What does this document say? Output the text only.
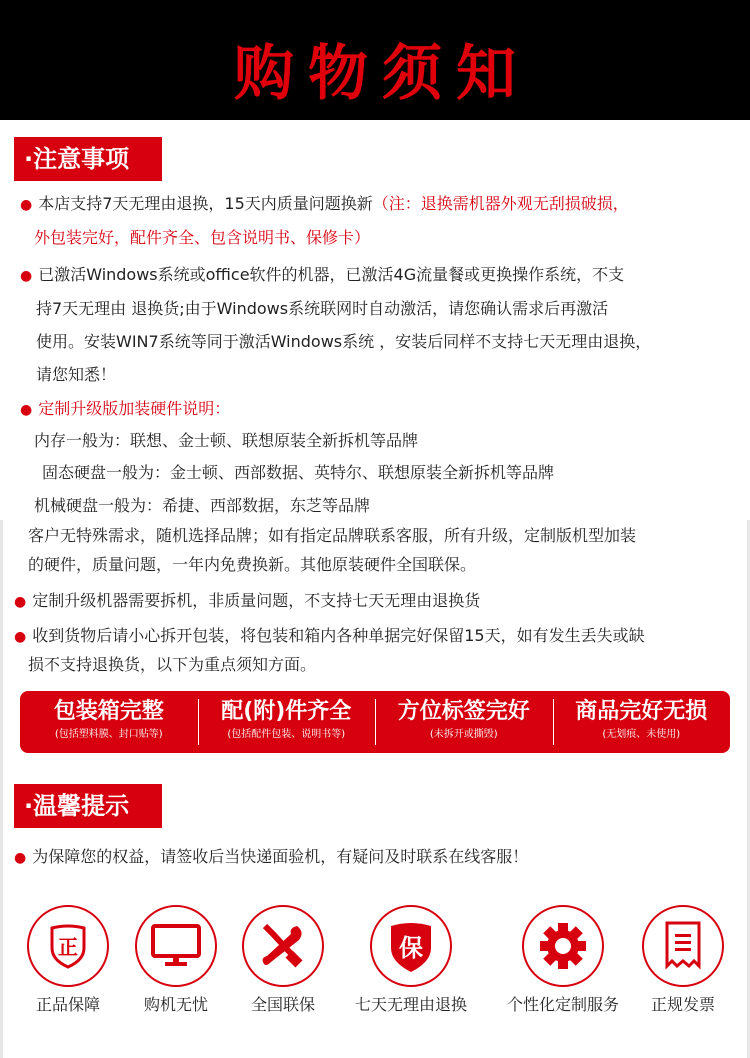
购物须知
·注意事项
● 本店支持7天无理由退换，15天内质量问题换新（注：退换需机器外观无刮损破损，
外包装完好，配件齐全、包含说明书、保修卡）
● 已激活Windows系统或office软件的机器，已激活4G流量餐或更换操作系统，不支
持7天无理由 退换货;由于Windows系统联网时自动激活，请您确认需求后再激活
使用。安装WIN7系统等同于激活Windows系统 ，安装后同样不支持七天无理由退换，
请您知悉！
● 定制升级版加装硬件说明：
内存一般为：联想、金士顿、联想原装全新拆机等品牌
固态硬盘一般为：金士顿、西部数据、英特尔、联想原装全新拆机等品牌
机械硬盘一般为：希捷、西部数据，东芝等品牌
客户无特殊需求，随机选择品牌；如有指定品牌联系客服，所有升级，定制版机型加装
的硬件，质量问题，一年内免费换新。其他原装硬件全国联保。
● 定制升级机器需要拆机，非质量问题，不支持七天无理由退换货
● 收到货物后请小心拆开包装，将包装和箱内各种单据完好保留15天，如有发生丢失或缺
损不支持退换货，以下为重点须知方面。
包装箱完整
(包括塑料膜、封口贴等)
配(附)件齐全
(包括配件包装、说明书等)
方位标签完好
(未拆开或撕毁)
商品完好无损
(无划痕、未使用)
·温馨提示
● 为保障您的权益，请签收后当快递面验机，有疑问及时联系在线客服！
正	保
正品保障	购机无忧	全国联保	七天无理由退换	个性化定制服务	正规发票
